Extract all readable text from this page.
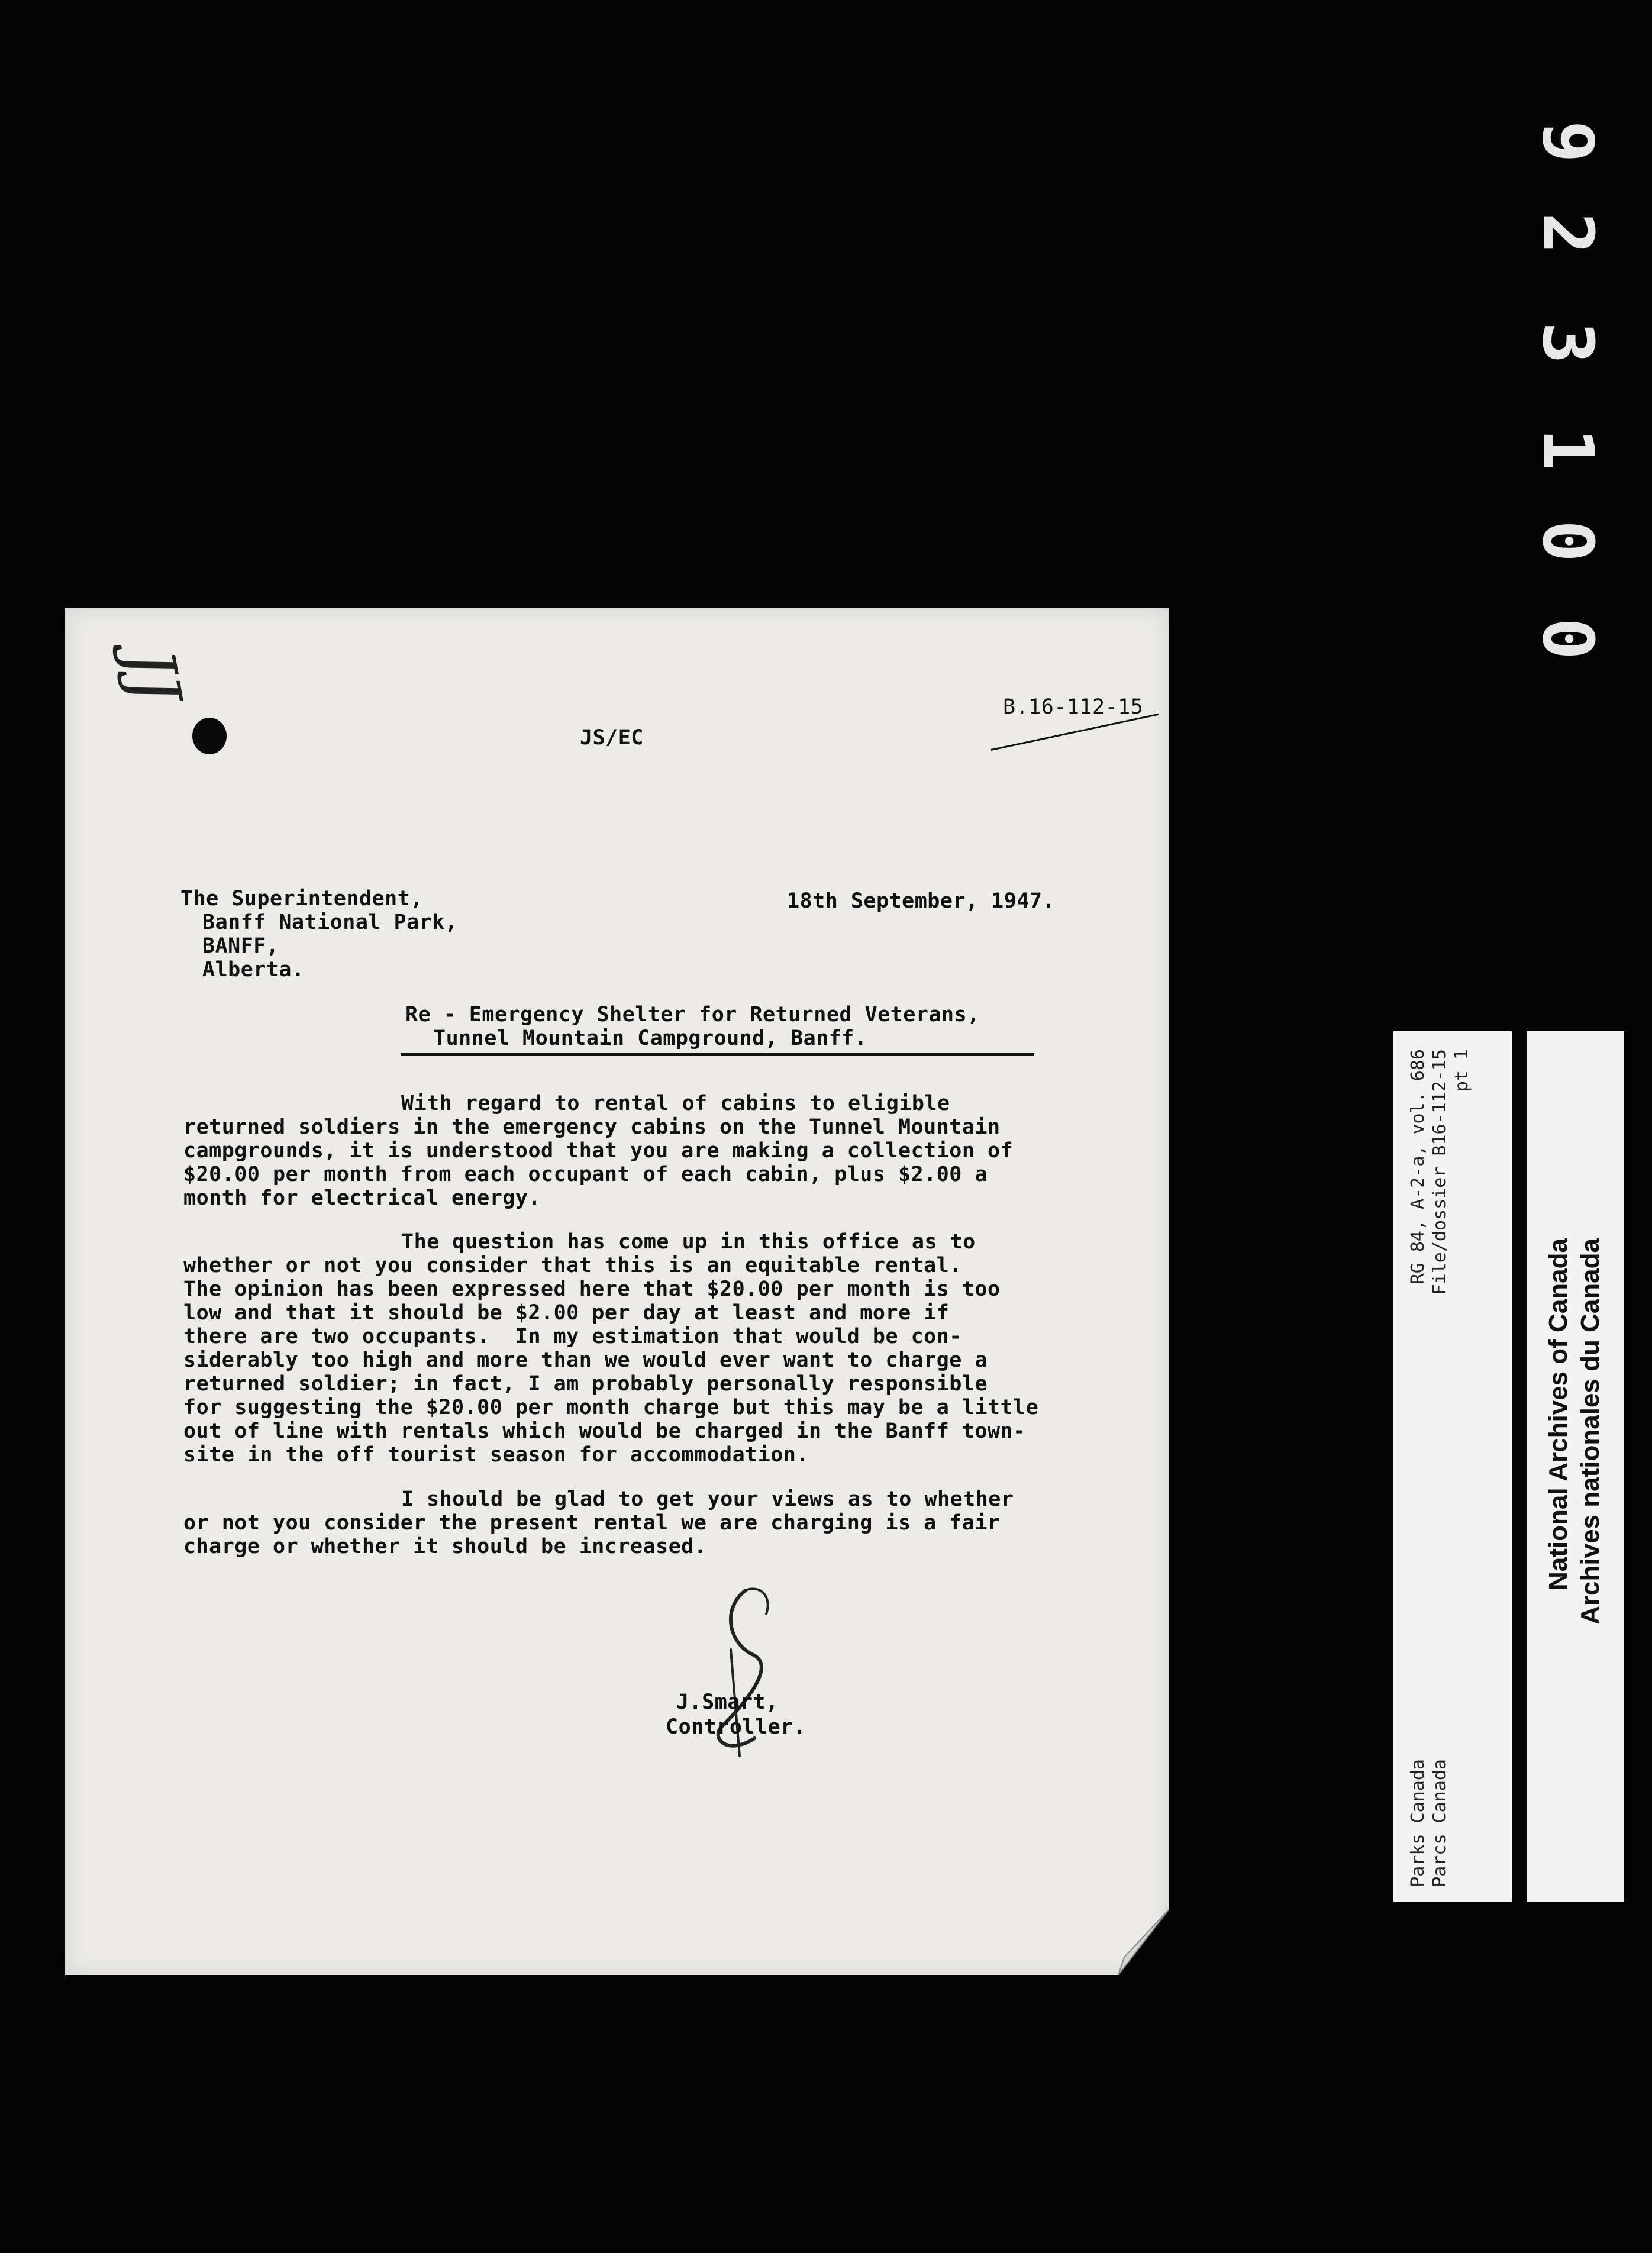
9
2
3
1
0
0
JJ	B.16-112-15
JS/EC
The Superintendent,
Banff National Park,
BANFF,
Alberta.
18th September, 1947.
Re - Emergency Shelter for Returned Veterans,
Tunnel Mountain Campground, Banff.
With regard to rental of cabins to eligible
returned soldiers in the emergency cabins on the Tunnel Mountain
campgrounds, it is understood that you are making a collection of
$20.00 per month from each occupant of each cabin, plus $2.00 a
month for electrical energy.
The question has come up in this office as to
whether or not you consider that this is an equitable rental.
The opinion has been expressed here that $20.00 per month is too
low and that it should be $2.00 per day at least and more if
there are two occupants.  In my estimation that would be con-
siderably too high and more than we would ever want to charge a
returned soldier; in fact, I am probably personally responsible
for suggesting the $20.00 per month charge but this may be a little
out of line with rentals which would be charged in the Banff town-
site in the off tourist season for accommodation.
I should be glad to get your views as to whether
or not you consider the present rental we are charging is a fair
charge or whether it should be increased.
J.Smart,
Controller.
RG 84, A-2-a, vol. 686 File/dossier B16-112-15 pt 1
Parks Canada Parcs Canada
National Archives of Canada Archives nationales du Canada
